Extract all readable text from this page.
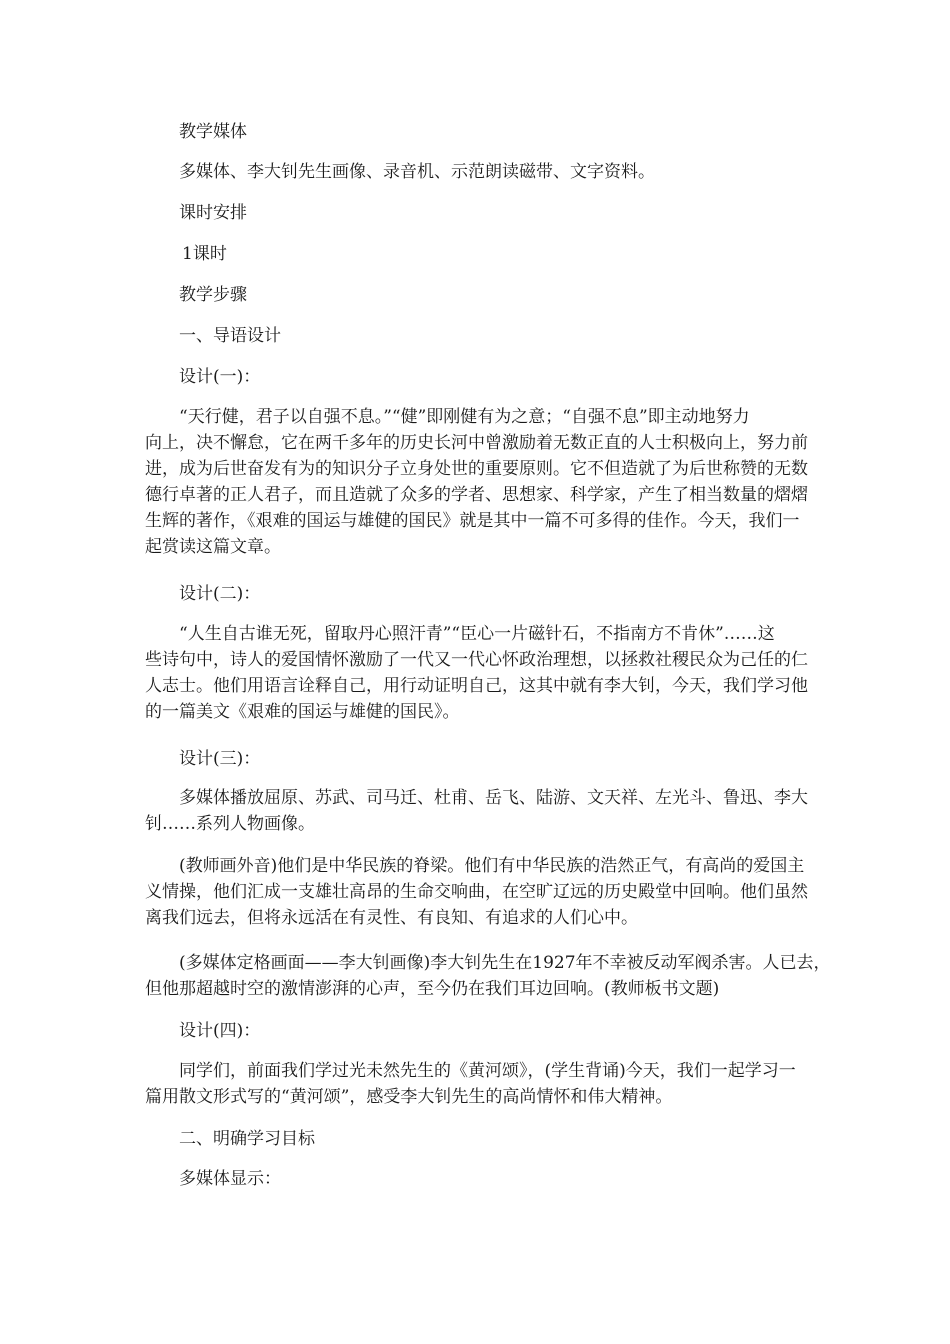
教学媒体
多媒体、李大钊先生画像、录音机、示范朗读磁带、文字资料。
课时安排
1课时
教学步骤
一、导语设计
设计(一)：
“天行健，君子以自强不息。”“健”即刚健有为之意；“自强不息”即主动地努力
向上，决不懈怠，它在两千多年的历史长河中曾激励着无数正直的人士积极向上，努力前
进，成为后世奋发有为的知识分子立身处世的重要原则。它不但造就了为后世称赞的无数
德行卓著的正人君子，而且造就了众多的学者、思想家、科学家，产生了相当数量的熠熠
生辉的著作，《艰难的国运与雄健的国民》就是其中一篇不可多得的佳作。今天，我们一
起赏读这篇文章。
设计(二)：
“人生自古谁无死，留取丹心照汗青”“臣心一片磁针石，不指南方不肯休”……这
些诗句中，诗人的爱国情怀激励了一代又一代心怀政治理想，以拯救社稷民众为己任的仁
人志士。他们用语言诠释自己，用行动证明自己，这其中就有李大钊，今天，我们学习他
的一篇美文《艰难的国运与雄健的国民》。
设计(三)：
多媒体播放屈原、苏武、司马迁、杜甫、岳飞、陆游、文天祥、左光斗、鲁迅、李大
钊……系列人物画像。
(教师画外音)他们是中华民族的脊梁。他们有中华民族的浩然正气，有高尚的爱国主
义情操，他们汇成一支雄壮高昂的生命交响曲，在空旷辽远的历史殿堂中回响。他们虽然
离我们远去，但将永远活在有灵性、有良知、有追求的人们心中。
(多媒体定格画面——李大钊画像)李大钊先生在1927年不幸被反动军阀杀害。人已去，
但他那超越时空的激情澎湃的心声，至今仍在我们耳边回响。(教师板书文题)
设计(四)：
同学们，前面我们学过光未然先生的《黄河颂》，(学生背诵)今天，我们一起学习一
篇用散文形式写的“黄河颂”，感受李大钊先生的高尚情怀和伟大精神。
二、明确学习目标
多媒体显示：
